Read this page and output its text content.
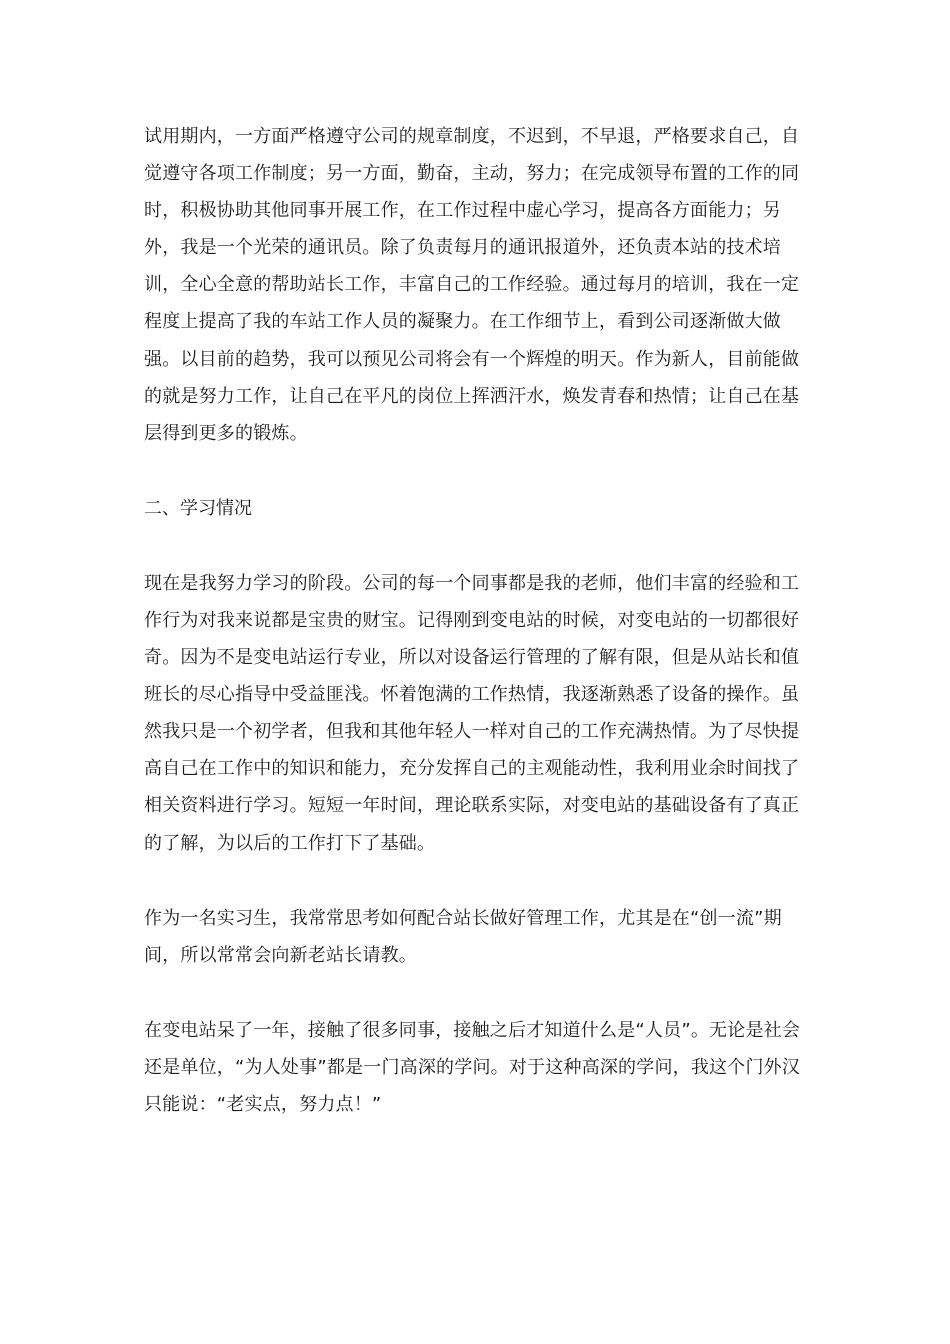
试用期内，一方面严格遵守公司的规章制度，不迟到，不早退，严格要求自己，自觉遵守各项工作制度；另一方面，勤奋，主动，努力；在完成领导布置的工作的同时，积极协助其他同事开展工作，在工作过程中虚心学习，提高各方面能力；另外，我是一个光荣的通讯员。除了负责每月的通讯报道外，还负责本站的技术培训，全心全意的帮助站长工作，丰富自己的工作经验。通过每月的培训，我在一定程度上提高了我的车站工作人员的凝聚力。在工作细节上，看到公司逐渐做大做强。以目前的趋势，我可以预见公司将会有一个辉煌的明天。作为新人，目前能做的就是努力工作，让自己在平凡的岗位上挥洒汗水，焕发青春和热情；让自己在基层得到更多的锻炼。

二、学习情况

现在是我努力学习的阶段。公司的每一个同事都是我的老师，他们丰富的经验和工作行为对我来说都是宝贵的财宝。记得刚到变电站的时候，对变电站的一切都很好奇。因为不是变电站运行专业，所以对设备运行管理的了解有限，但是从站长和值班长的尽心指导中受益匪浅。怀着饱满的工作热情，我逐渐熟悉了设备的操作。虽然我只是一个初学者，但我和其他年轻人一样对自己的工作充满热情。为了尽快提高自己在工作中的知识和能力，充分发挥自己的主观能动性，我利用业余时间找了相关资料进行学习。短短一年时间，理论联系实际，对变电站的基础设备有了真正的了解，为以后的工作打下了基础。

作为一名实习生，我常常思考如何配合站长做好管理工作，尤其是在“创一流”期间，所以常常会向新老站长请教。

在变电站呆了一年，接触了很多同事，接触之后才知道什么是“人员”。无论是社会还是单位，“为人处事”都是一门高深的学问。对于这种高深的学问，我这个门外汉只能说：“老实点，努力点！”
